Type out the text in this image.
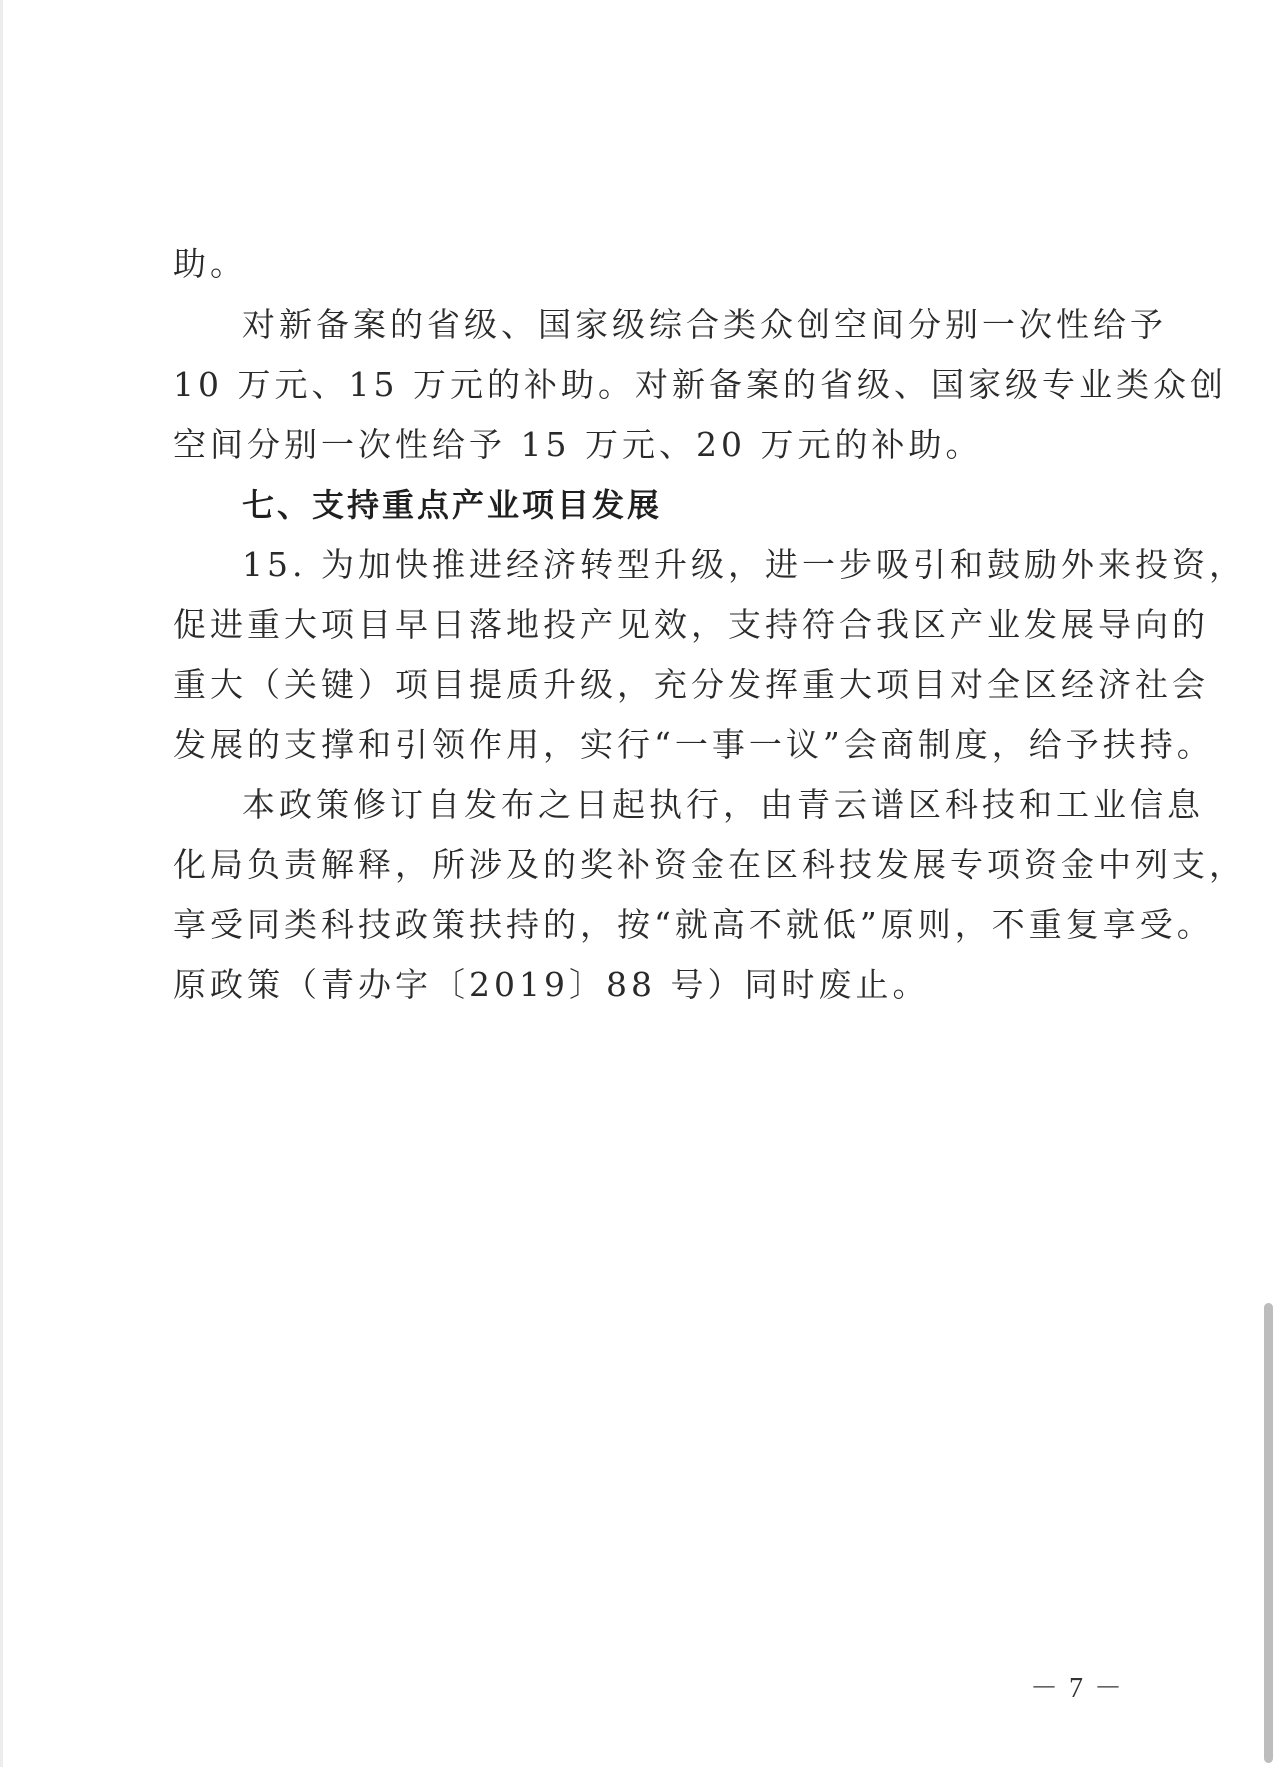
助。
对新备案的省级、国家级综合类众创空间分别一次性给予
10 万元、15 万元的补助。对新备案的省级、国家级专业类众创
空间分别一次性给予 15 万元、20 万元的补助。
七、支持重点产业项目发展
15. 为加快推进经济转型升级，进一步吸引和鼓励外来投资，
促进重大项目早日落地投产见效，支持符合我区产业发展导向的
重大（关键）项目提质升级，充分发挥重大项目对全区经济社会
发展的支撑和引领作用，实行“一事一议”会商制度，给予扶持。
本政策修订自发布之日起执行，由青云谱区科技和工业信息
化局负责解释，所涉及的奖补资金在区科技发展专项资金中列支，
享受同类科技政策扶持的，按“就高不就低”原则，不重复享受。
原政策（青办字〔2019〕88 号）同时废止。
－ 7 －
